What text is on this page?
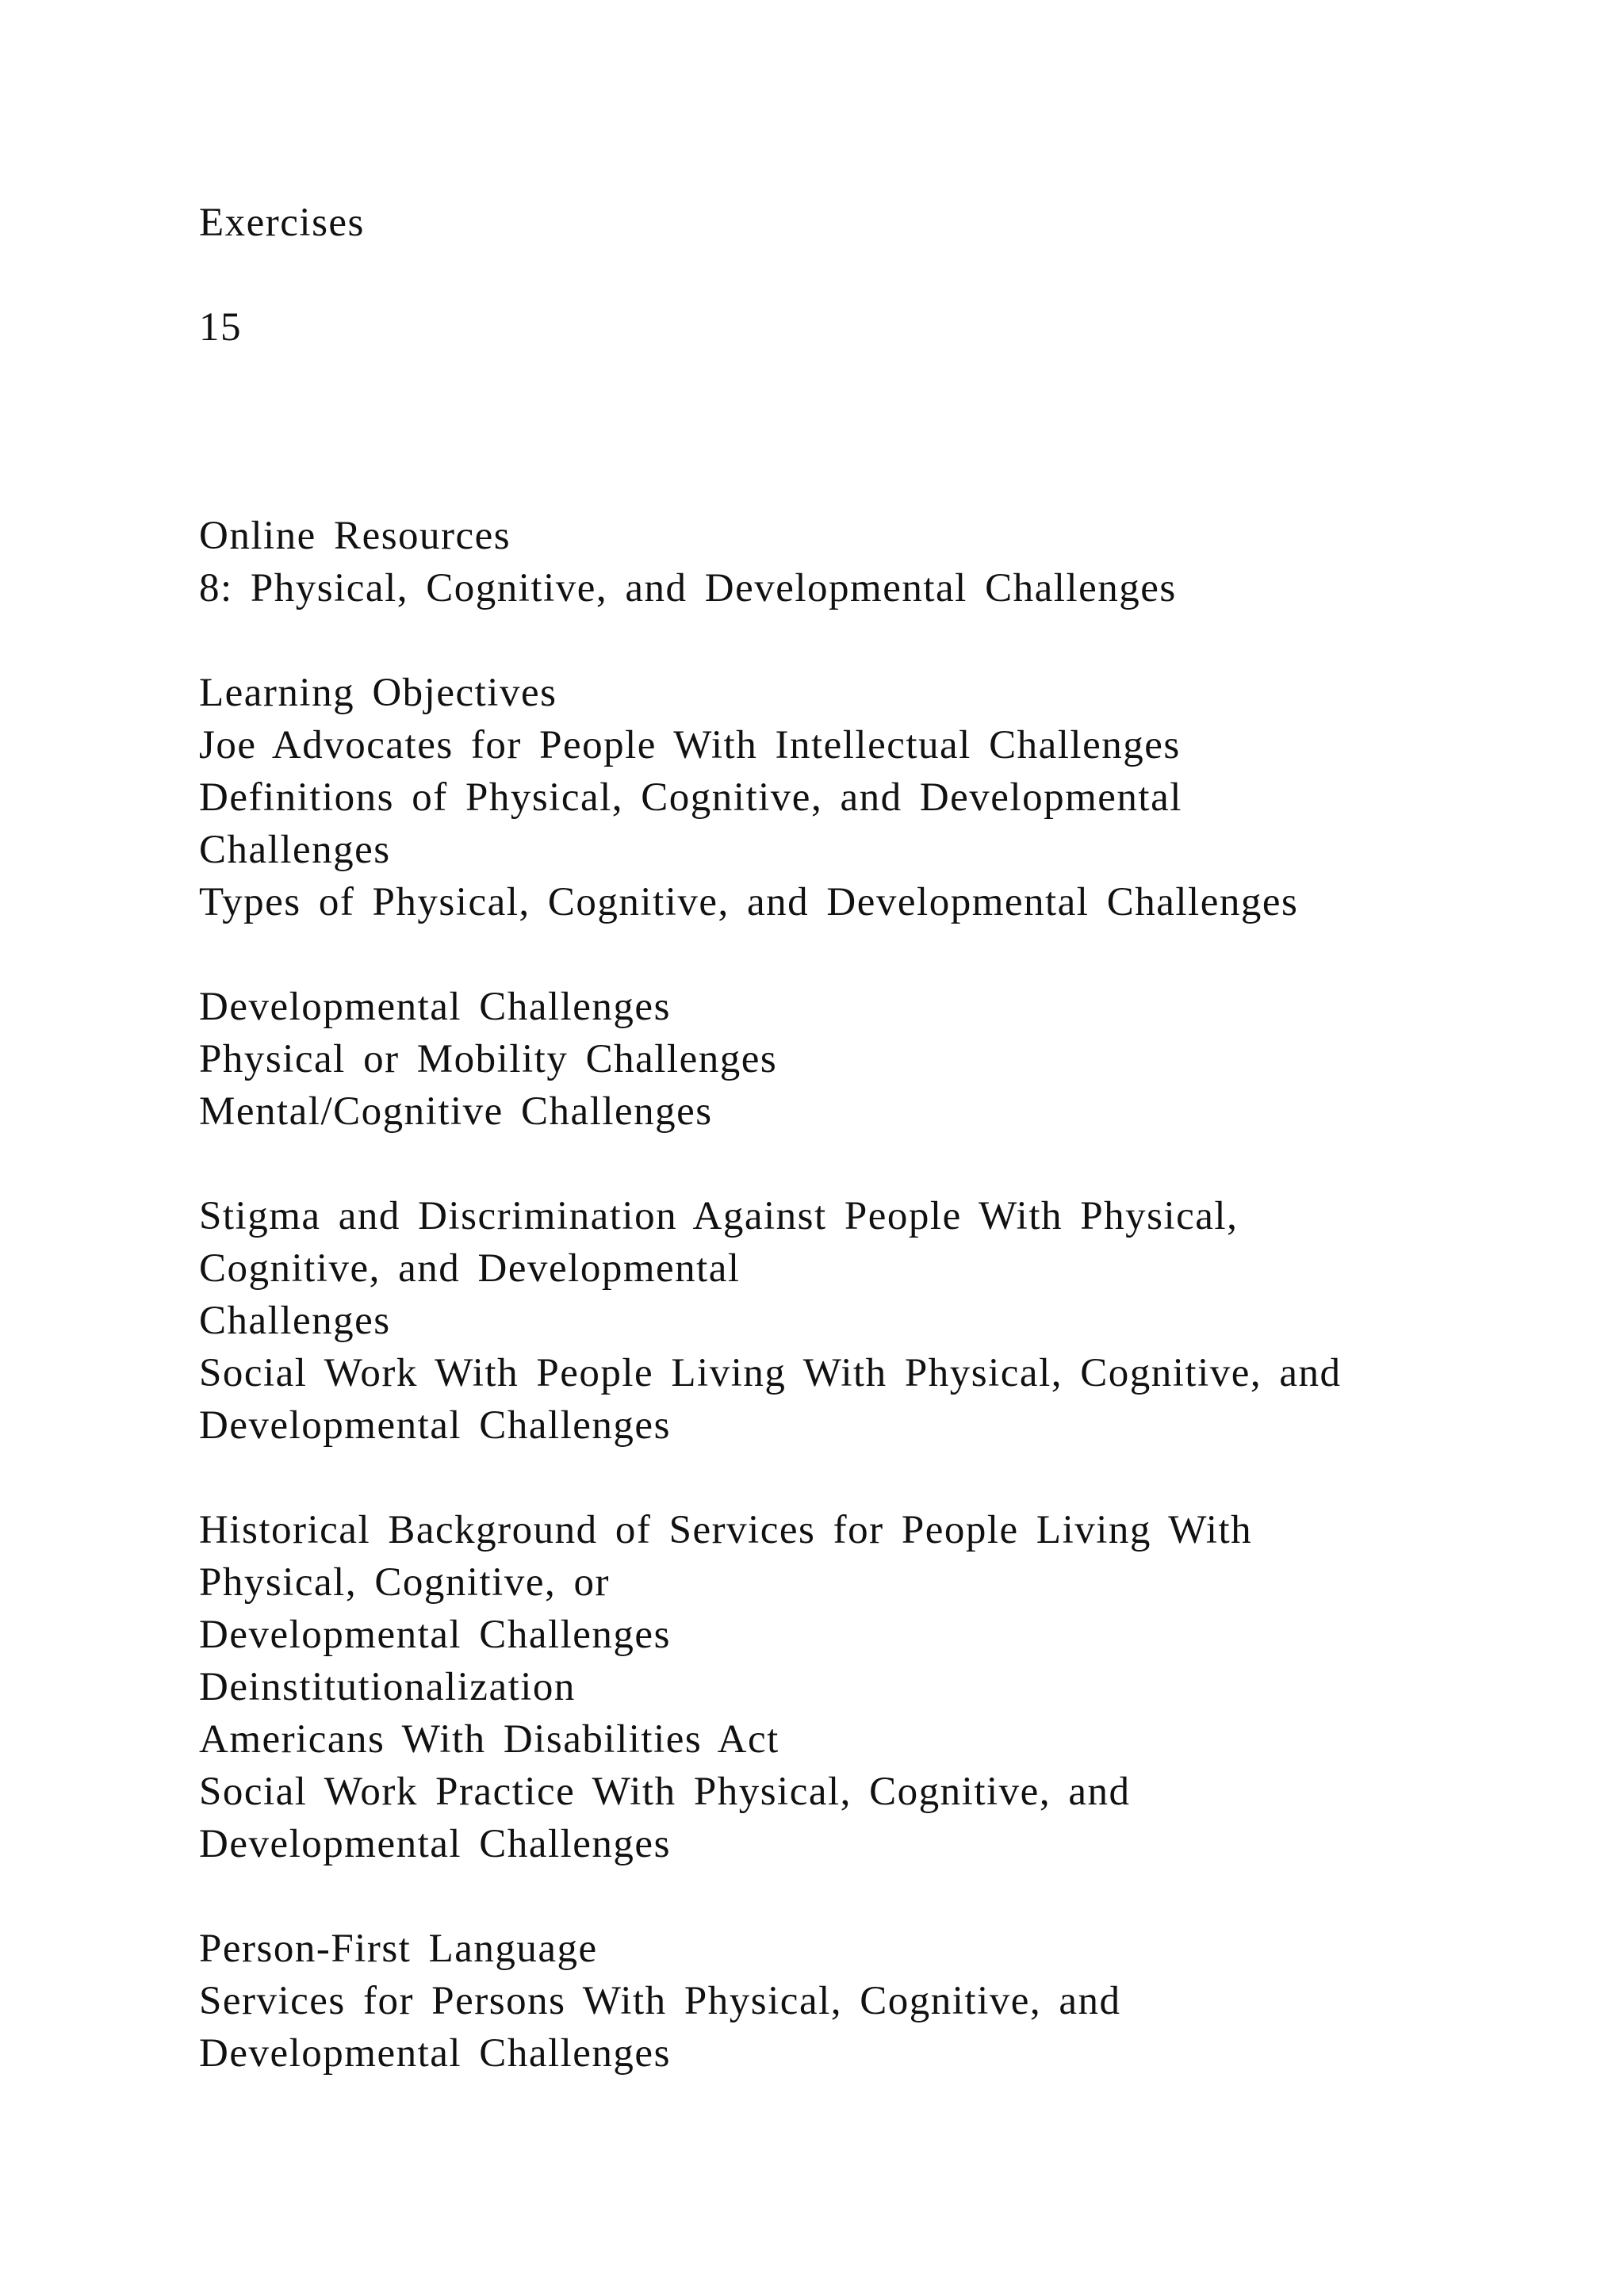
Exercises
15
Online Resources
8: Physical, Cognitive, and Developmental Challenges
Learning Objectives
Joe Advocates for People With Intellectual Challenges
Definitions of Physical, Cognitive, and Developmental
Challenges
Types of Physical, Cognitive, and Developmental Challenges
Developmental Challenges
Physical or Mobility Challenges
Mental/Cognitive Challenges
Stigma and Discrimination Against People With Physical,
Cognitive, and Developmental
Challenges
Social Work With People Living With Physical, Cognitive, and
Developmental Challenges
Historical Background of Services for People Living With
Physical, Cognitive, or
Developmental Challenges
Deinstitutionalization
Americans With Disabilities Act
Social Work Practice With Physical, Cognitive, and
Developmental Challenges
Person-First Language
Services for Persons With Physical, Cognitive, and
Developmental Challenges
